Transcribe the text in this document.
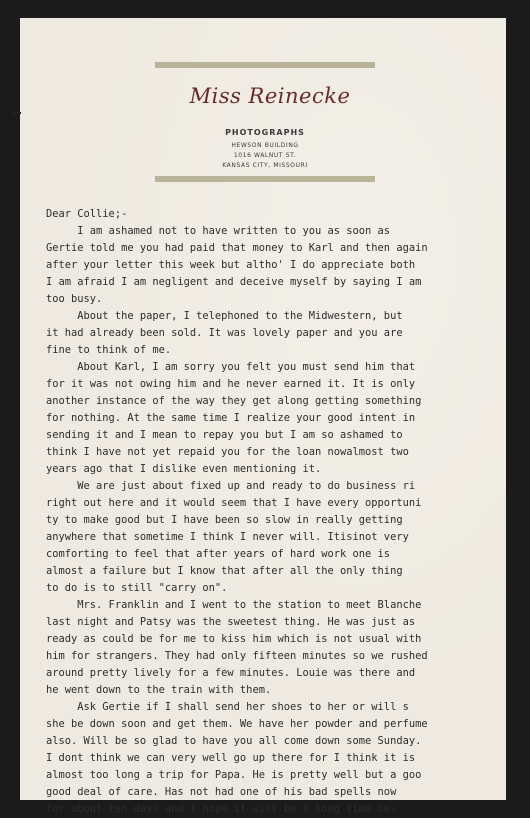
Miss Reinecke
PHOTOGRAPHS
HEWSON BUILDING
1016 WALNUT ST.
KANSAS CITY, MISSOURI
Dear Collie;-
I am ashamed not to have written to you as soon as
Gertie told me you had paid that money to Karl and then again
after your letter this week but altho' I do appreciate both
I am afraid I am negligent and deceive myself by saying I am
too busy.
About the paper, I telephoned to the Midwestern, but
it had already been sold. It was lovely paper and you are
fine to think of me.
About Karl, I am sorry you felt you must send him that
for it was not owing him and he never earned it. It is only
another instance of the way they get along getting something
for nothing. At the same time I realize your good intent in
sending it and I mean to repay you but I am so ashamed to
think I have not yet repaid you for the loan nowalmost two
years ago that I dislike even mentioning it.
We are just about fixed up and ready to do business ri
right out here and it would seem that I have every opportuni
ty to make good but I have been so slow in really getting
anywhere that sometime I think I never will. Itisinot very
comforting to feel that after years of hard work one is
almost a failure but I know that after all the only thing
to do is to still "carry on".
Mrs. Franklin and I went to the station to meet Blanche
last night and Patsy was the sweetest thing. He was just as
ready as could be for me to kiss him which is not usual with
him for strangers. They had only fifteen minutes so we rushed
around pretty lively for a few minutes. Louie was there and
he went down to the train with them.
Ask Gertie if I shall send her shoes to her or will s
she be down soon and get them. We have her powder and perfume
also. Will be so glad to have you all come down some Sunday.
I dont think we can very well go up there for I think it is
almost too long a trip for Papa. He is pretty well but a goo
good deal of care. Has not had one of his bad spells now
for about ten days and I hope it will be a long time be-
